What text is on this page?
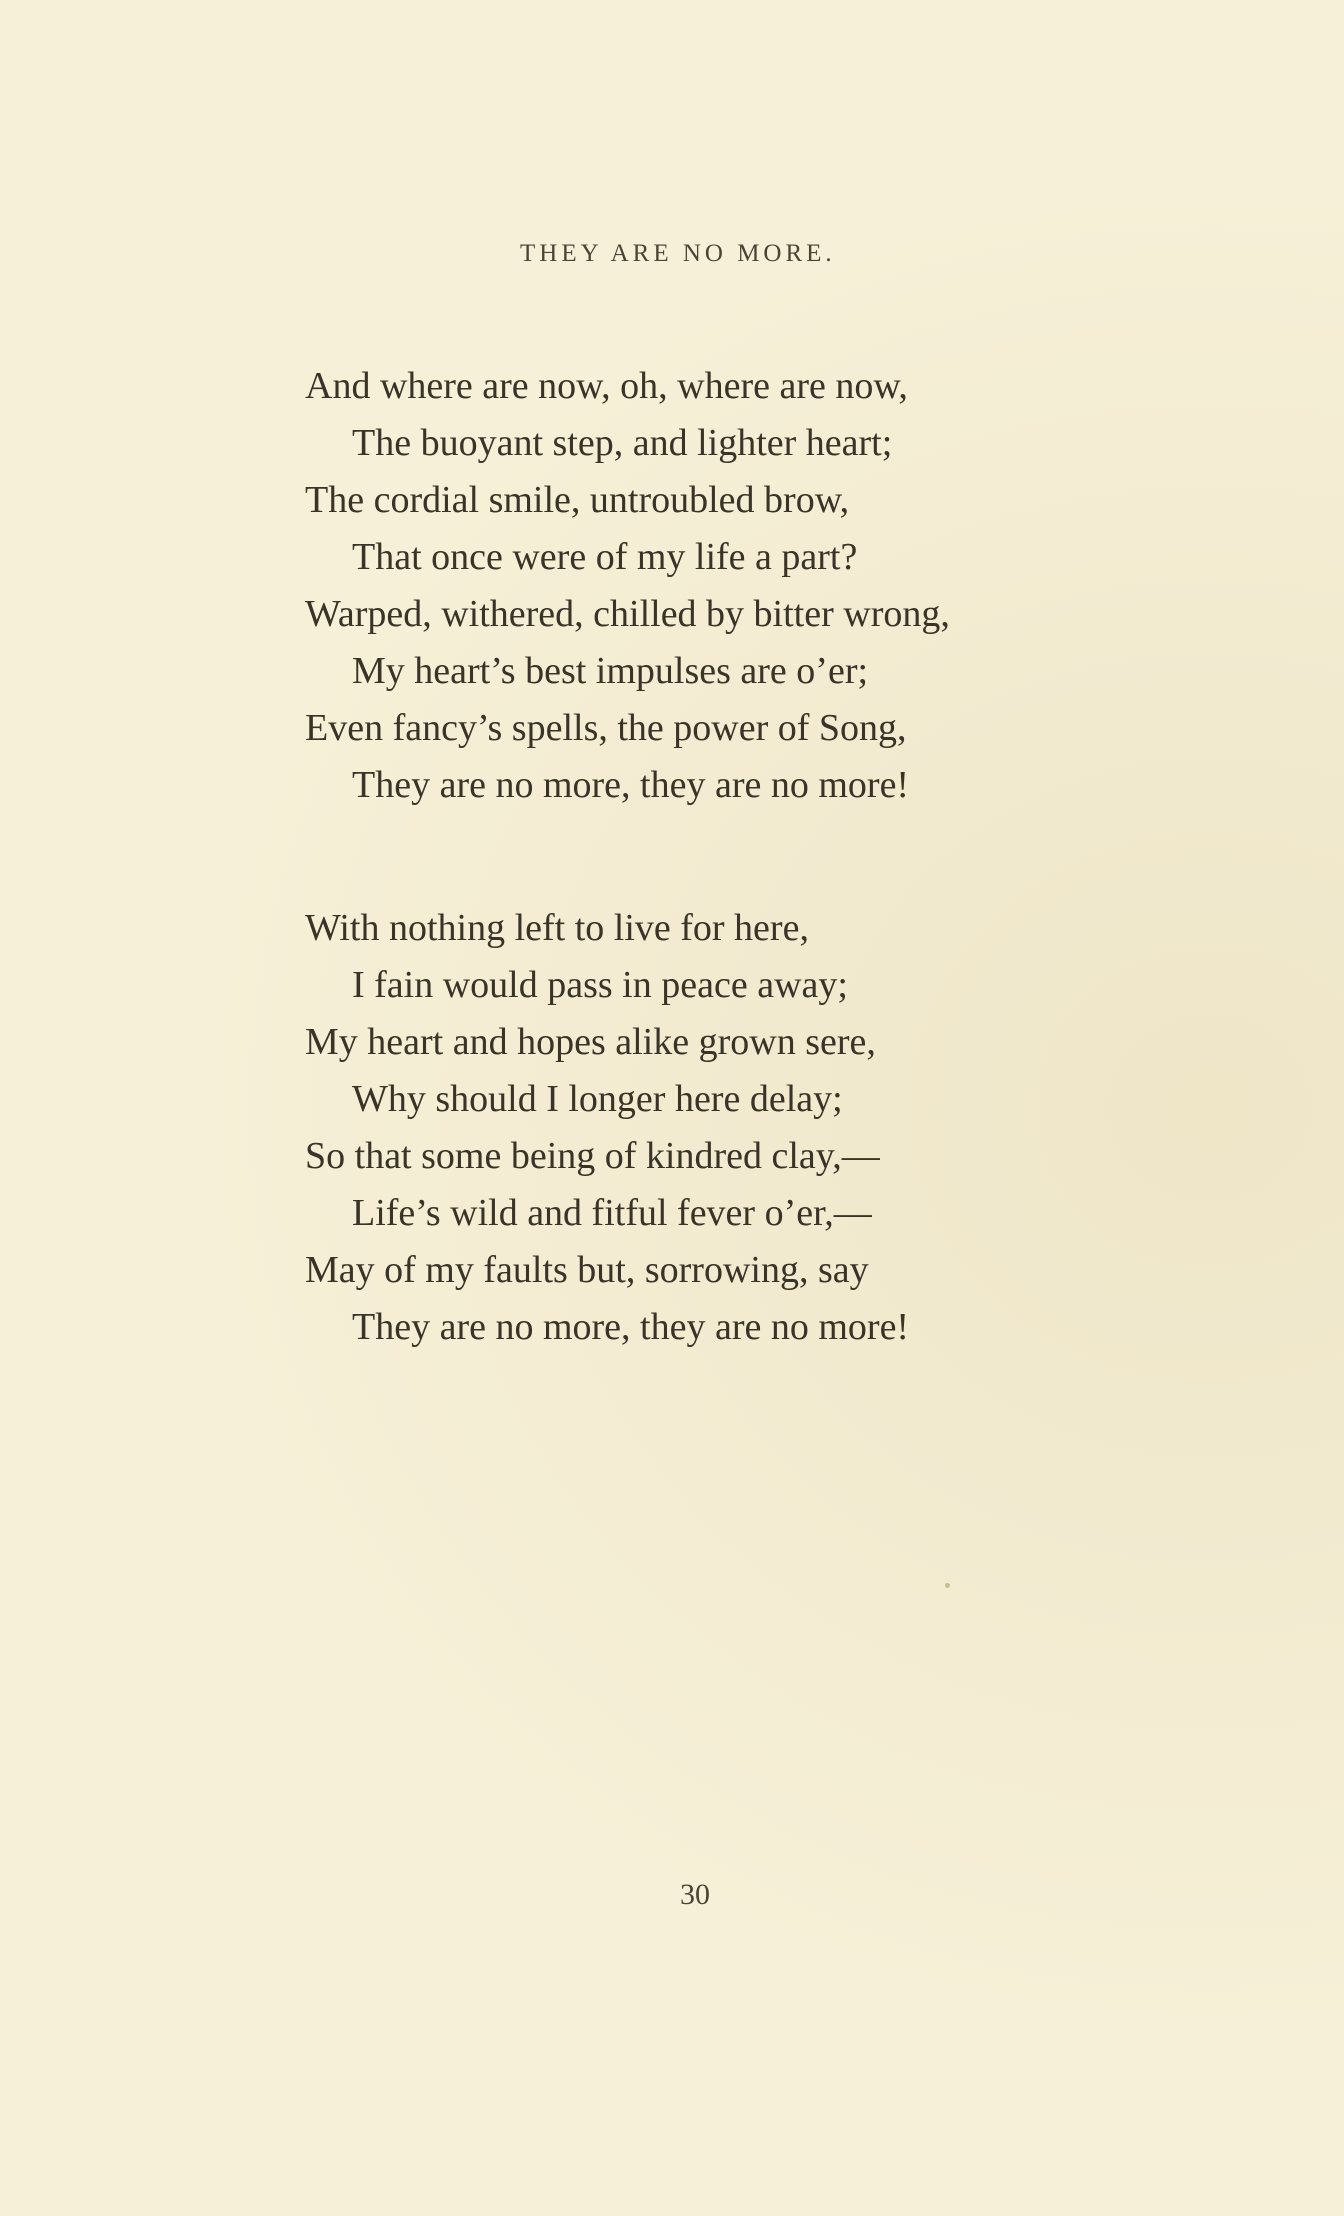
THEY ARE NO MORE.
And where are now, oh, where are now,
The buoyant step, and lighter heart;
The cordial smile, untroubled brow,
That once were of my life a part?
Warped, withered, chilled by bitter wrong,
My heart’s best impulses are o’er;
Even fancy’s spells, the power of Song,
They are no more, they are no more!
With nothing left to live for here,
I fain would pass in peace away;
My heart and hopes alike grown sere,
Why should I longer here delay;
So that some being of kindred clay,—
Life’s wild and fitful fever o’er,—
May of my faults but, sorrowing, say
They are no more, they are no more!
30
